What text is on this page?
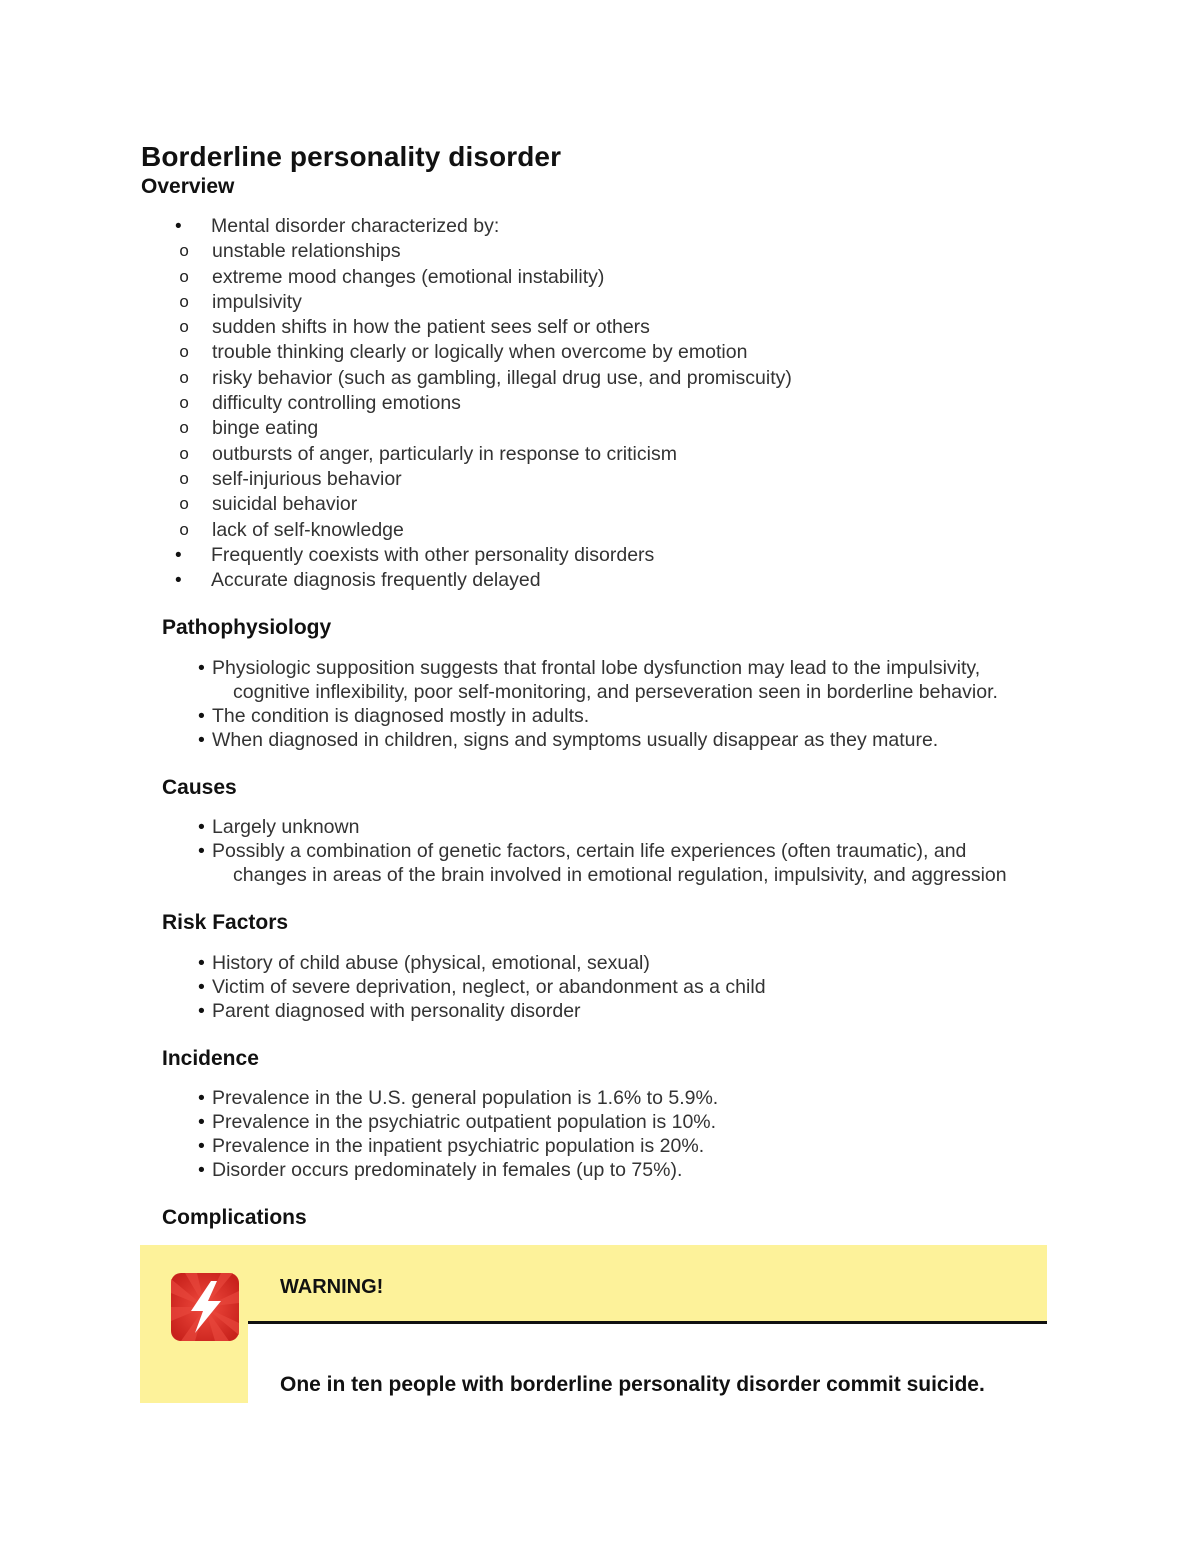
Borderline personality disorder
Overview
• Mental disorder characterized by:
o unstable relationships
o extreme mood changes (emotional instability)
o impulsivity
o sudden shifts in how the patient sees self or others
o trouble thinking clearly or logically when overcome by emotion
o risky behavior (such as gambling, illegal drug use, and promiscuity)
o difficulty controlling emotions
o binge eating
o outbursts of anger, particularly in response to criticism
o self-injurious behavior
o suicidal behavior
o lack of self-knowledge
• Frequently coexists with other personality disorders
• Accurate diagnosis frequently delayed
Pathophysiology
• Physiologic supposition suggests that frontal lobe dysfunction may lead to the impulsivity,
cognitive inflexibility, poor self-monitoring, and perseveration seen in borderline behavior.
• The condition is diagnosed mostly in adults.
• When diagnosed in children, signs and symptoms usually disappear as they mature.
Causes
• Largely unknown
• Possibly a combination of genetic factors, certain life experiences (often traumatic), and
changes in areas of the brain involved in emotional regulation, impulsivity, and aggression
Risk Factors
• History of child abuse (physical, emotional, sexual)
• Victim of severe deprivation, neglect, or abandonment as a child
• Parent diagnosed with personality disorder
Incidence
• Prevalence in the U.S. general population is 1.6% to 5.9%.
• Prevalence in the psychiatric outpatient population is 10%.
• Prevalence in the inpatient psychiatric population is 20%.
• Disorder occurs predominately in females (up to 75%).
Complications

WARNING!

One in ten people with borderline personality disorder commit suicide.
